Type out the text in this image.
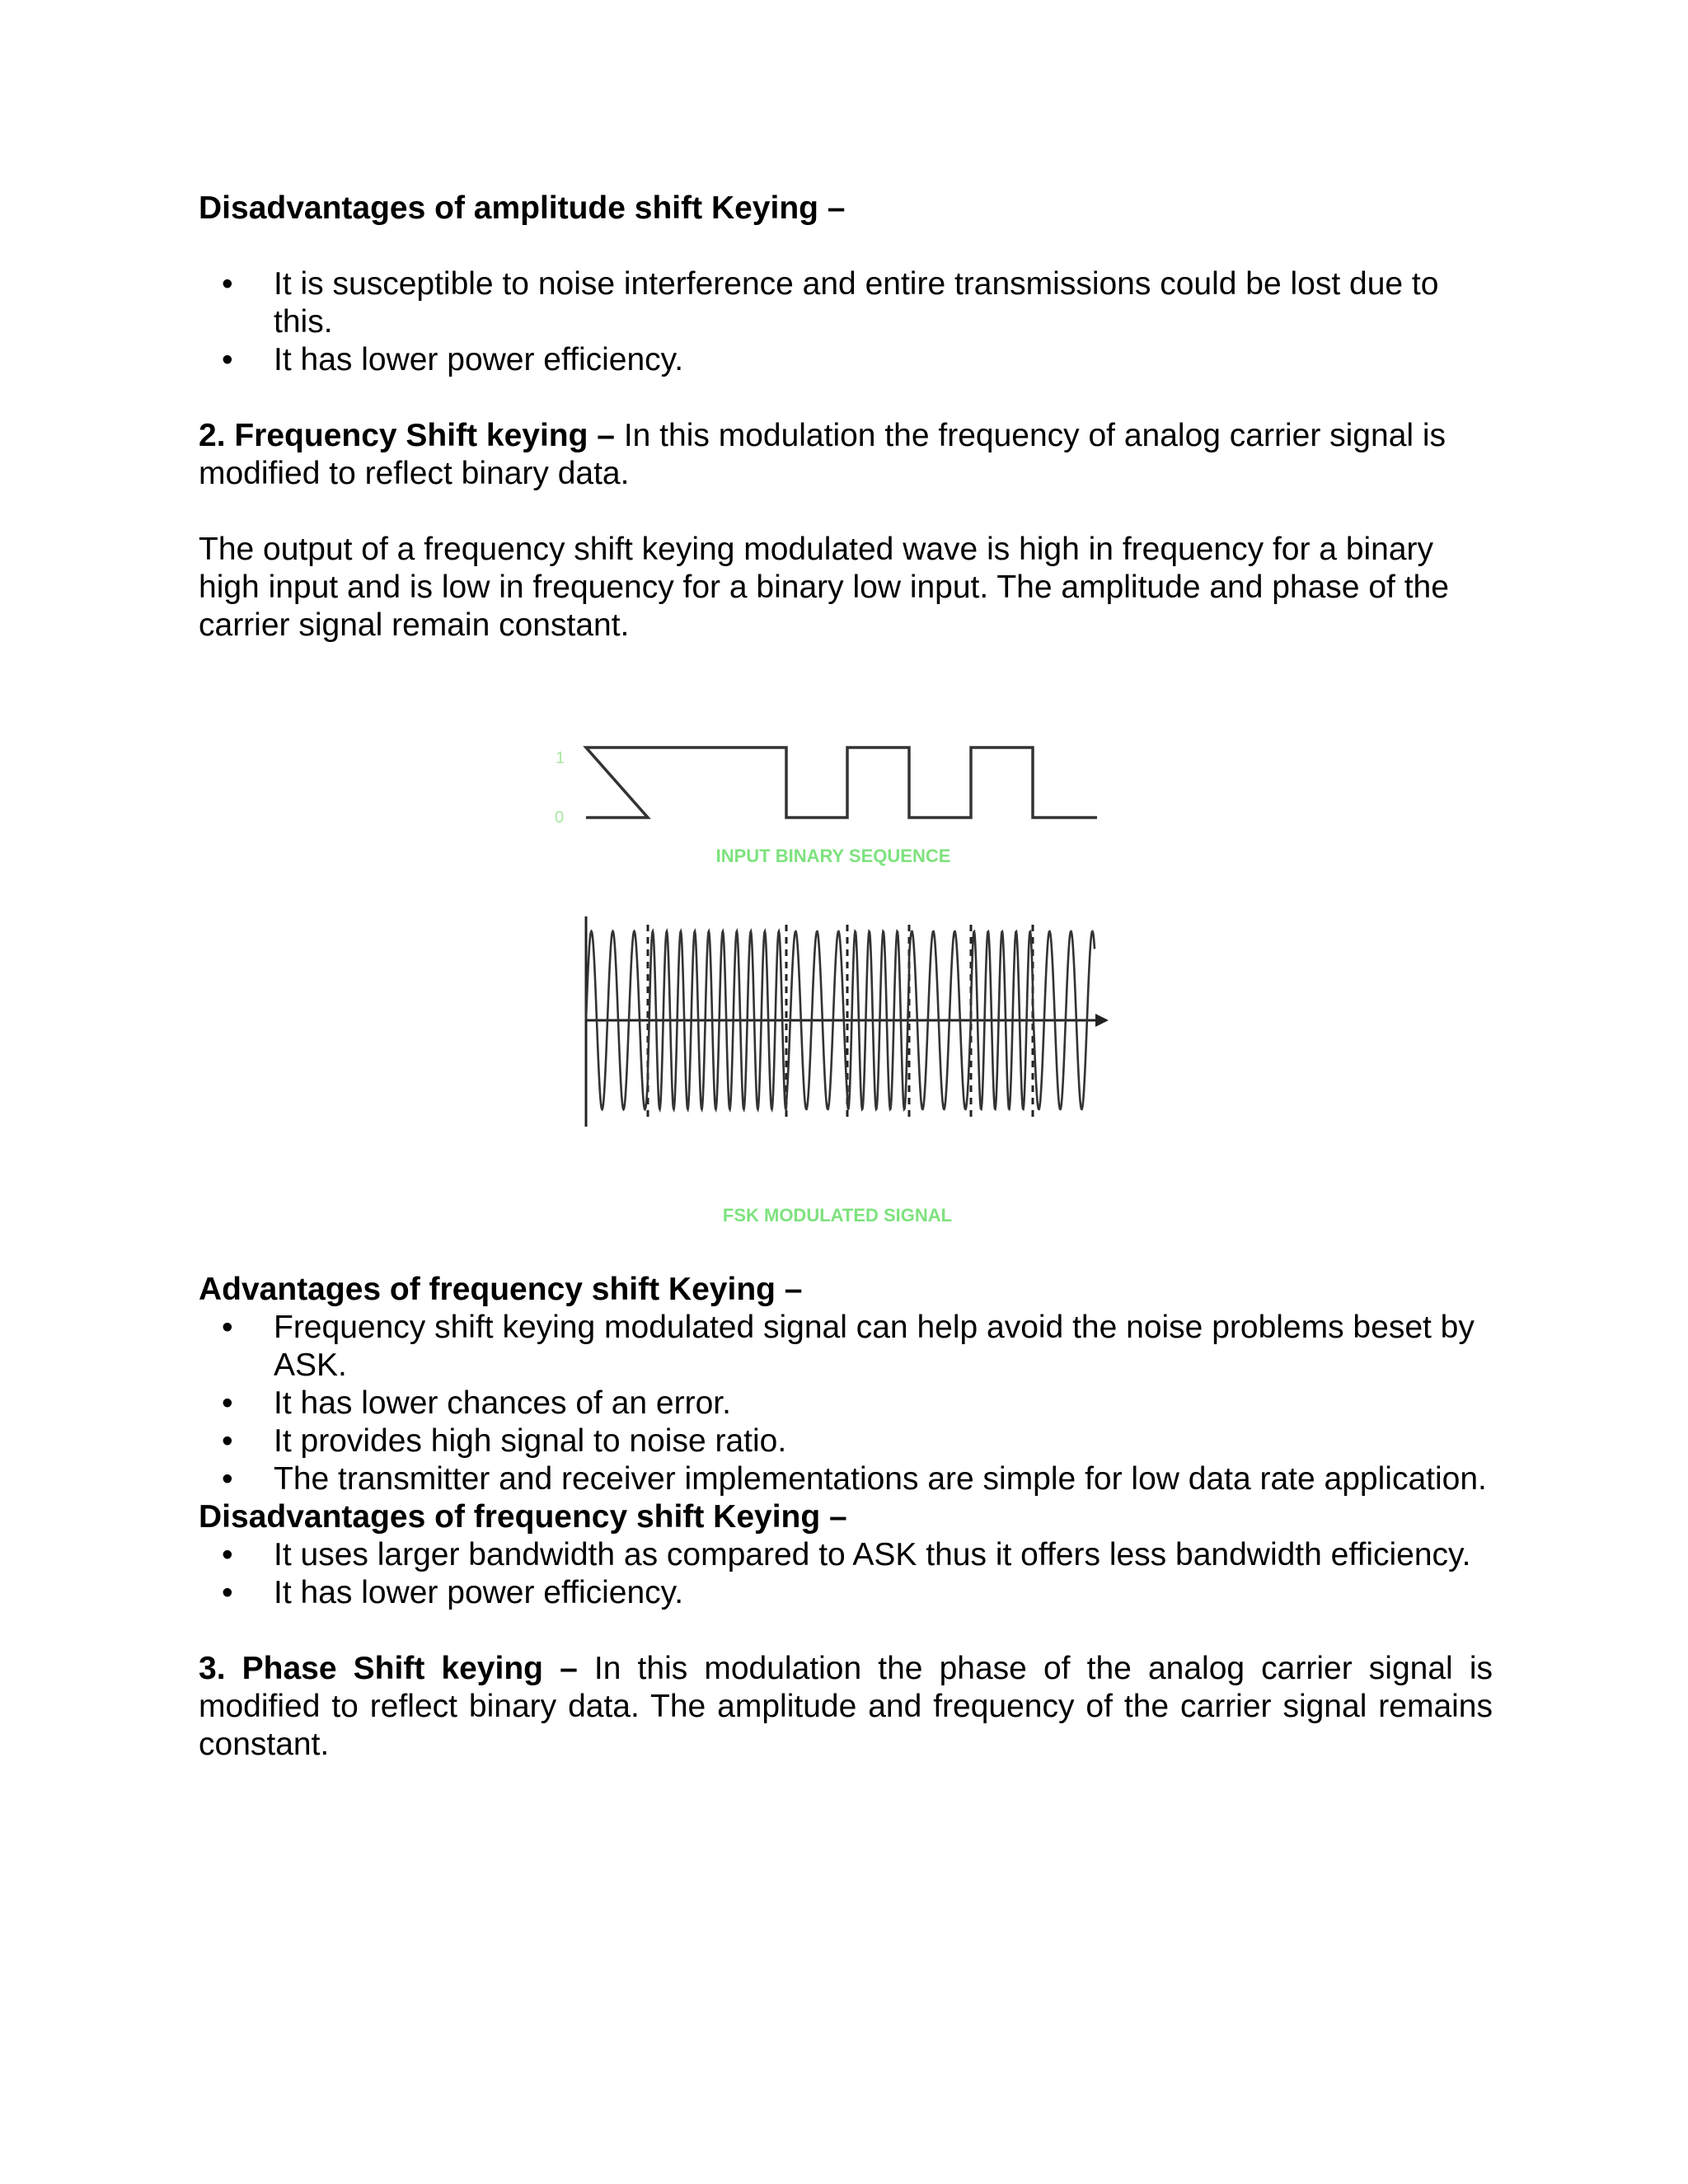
Disadvantages of amplitude shift Keying –

• It is susceptible to noise interference and entire transmissions could be lost due to this.
• It has lower power efficiency.

2. Frequency Shift keying – In this modulation the frequency of analog carrier signal is modified to reflect binary data.

The output of a frequency shift keying modulated wave is high in frequency for a binary high input and is low in frequency for a binary low input. The amplitude and phase of the carrier signal remain constant.

1
0
INPUT BINARY SEQUENCE
FSK MODULATED SIGNAL

Advantages of frequency shift Keying –

• Frequency shift keying modulated signal can help avoid the noise problems beset by ASK.
• It has lower chances of an error.
• It provides high signal to noise ratio.
• The transmitter and receiver implementations are simple for low data rate application.

Disadvantages of frequency shift Keying –

• It uses larger bandwidth as compared to ASK thus it offers less bandwidth efficiency.
• It has lower power efficiency.

3. Phase Shift keying – In this modulation the phase of the analog carrier signal is modified to reflect binary data. The amplitude and frequency of the carrier signal remains constant.
